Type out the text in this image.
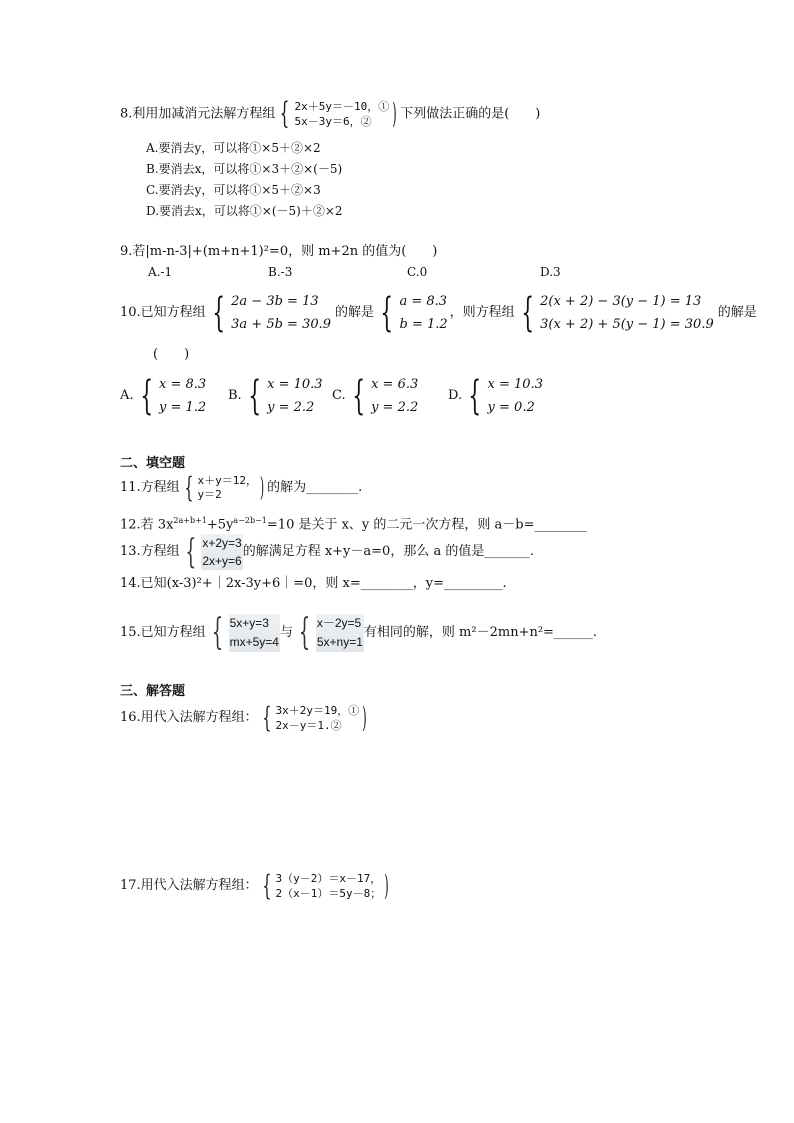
8.利用加减消元法解方程组 { 2x＋5y＝－10，①
5x－3y＝6，② ) 下列做法正确的是(　　)
A.要消去y，可以将①×5＋②×2
B.要消去x，可以将①×3＋②×(－5)
C.要消去y，可以将①×5＋②×3
D.要消去x，可以将①×(－5)＋②×2
9.若|m-n-3|+(m+n+1)²=0，则 m+2n 的值为(　　)
A.-1	B.-3	C.0	D.3
10.已知方程组 { 2a − 3b = 13
3a + 5b = 30.9
的解是 { a = 8.3
b = 1.2
，则方程组 { 2(x + 2) − 3(y − 1) = 13
3(x + 2) + 5(y − 1) = 30.9
的解是
(　　)
A. { x = 8.3
y = 1.2
B. { x = 10.3
y = 2.2
C. { x = 6.3
y = 2.2
D. { x = 10.3
y = 0.2
二、填空题
11.方程组 { x＋y＝12，
y＝2	) 的解为________.
12.若 $3x^{2a+b+1}+5y^{a-2b-1}=10$ 是关于 x、y 的二元一次方程，则 a－b=________
13.方程组 { x+2y=3
2x+y=6
的解满足方程 x+y－a=0，那么 a 的值是_______.
14.已知(x-3)²+｜2x-3y+6｜=0，则 x=________，y=_________.
15.已知方程组 { 5x+y=3
mx+5y=4
与 { x－2y=5
5x+ny=1
有相同的解，则 m²－2mn+n²=______.
三、解答题
16.用代入法解方程组： { 3x＋2y＝19，①
2x－y＝1.② )
17.用代入法解方程组： { 3（y－2）＝x－17，
2（x－1）＝5y－8； )
